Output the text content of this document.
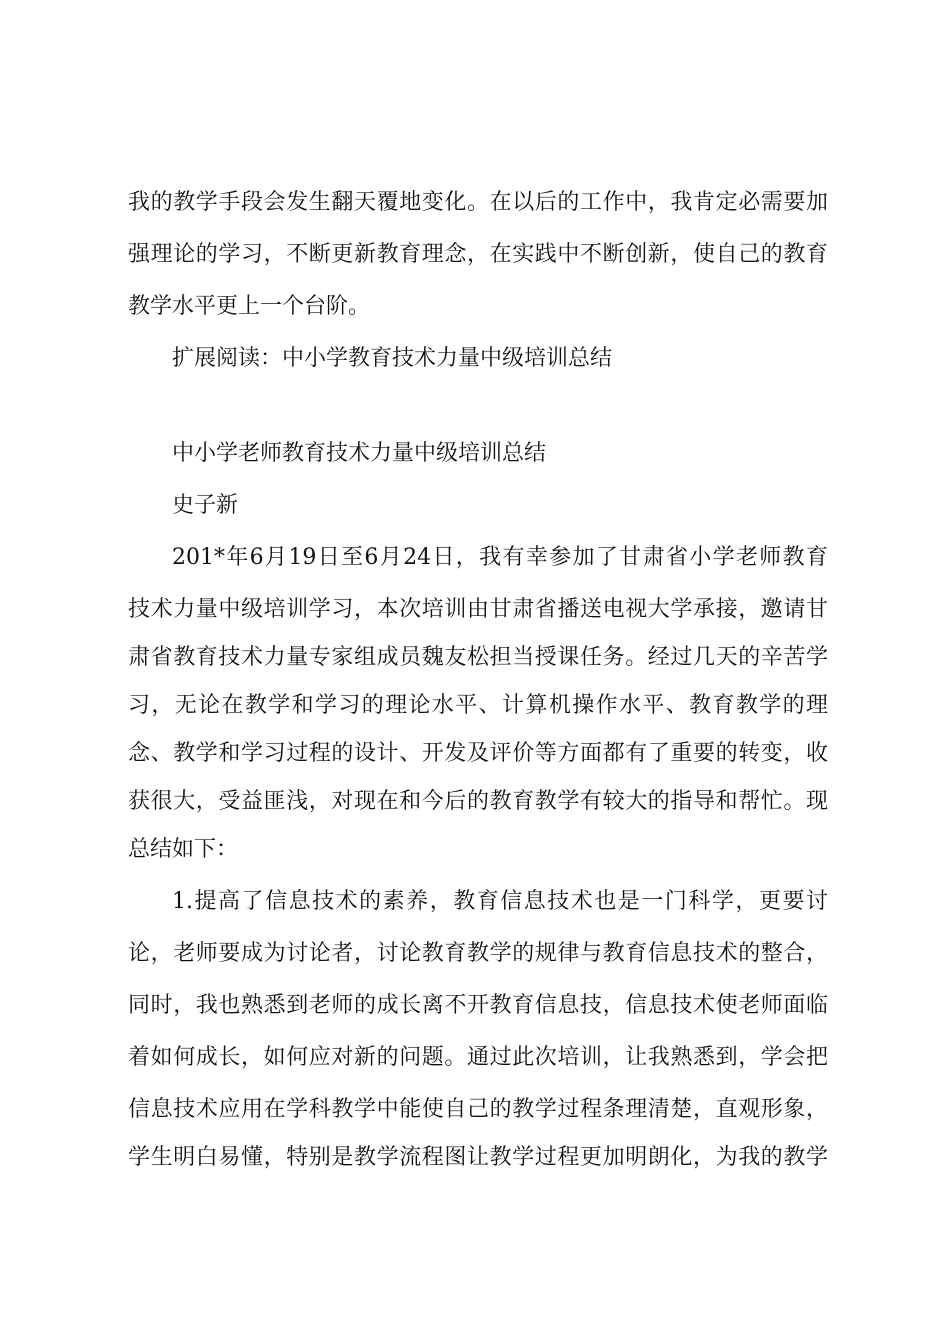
我的教学手段会发生翻天覆地变化。在以后的工作中，我肯定必需要加

强理论的学习，不断更新教育理念，在实践中不断创新，使自己的教育

教学水平更上一个台阶。

扩展阅读：中小学教育技术力量中级培训总结

中小学老师教育技术力量中级培训总结

史子新

201*年6月19日至6月24日，我有幸参加了甘肃省小学老师教育

技术力量中级培训学习，本次培训由甘肃省播送电视大学承接，邀请甘

肃省教育技术力量专家组成员魏友松担当授课任务。经过几天的辛苦学

习，无论在教学和学习的理论水平、计算机操作水平、教育教学的理

念、教学和学习过程的设计、开发及评价等方面都有了重要的转变，收

获很大，受益匪浅，对现在和今后的教育教学有较大的指导和帮忙。现

总结如下：

1.提高了信息技术的素养，教育信息技术也是一门科学，更要讨

论，老师要成为讨论者，讨论教育教学的规律与教育信息技术的整合，

同时，我也熟悉到老师的成长离不开教育信息技，信息技术使老师面临

着如何成长，如何应对新的问题。通过此次培训，让我熟悉到，学会把

信息技术应用在学科教学中能使自己的教学过程条理清楚，直观形象，

学生明白易懂，特别是教学流程图让教学过程更加明朗化，为我的教学
